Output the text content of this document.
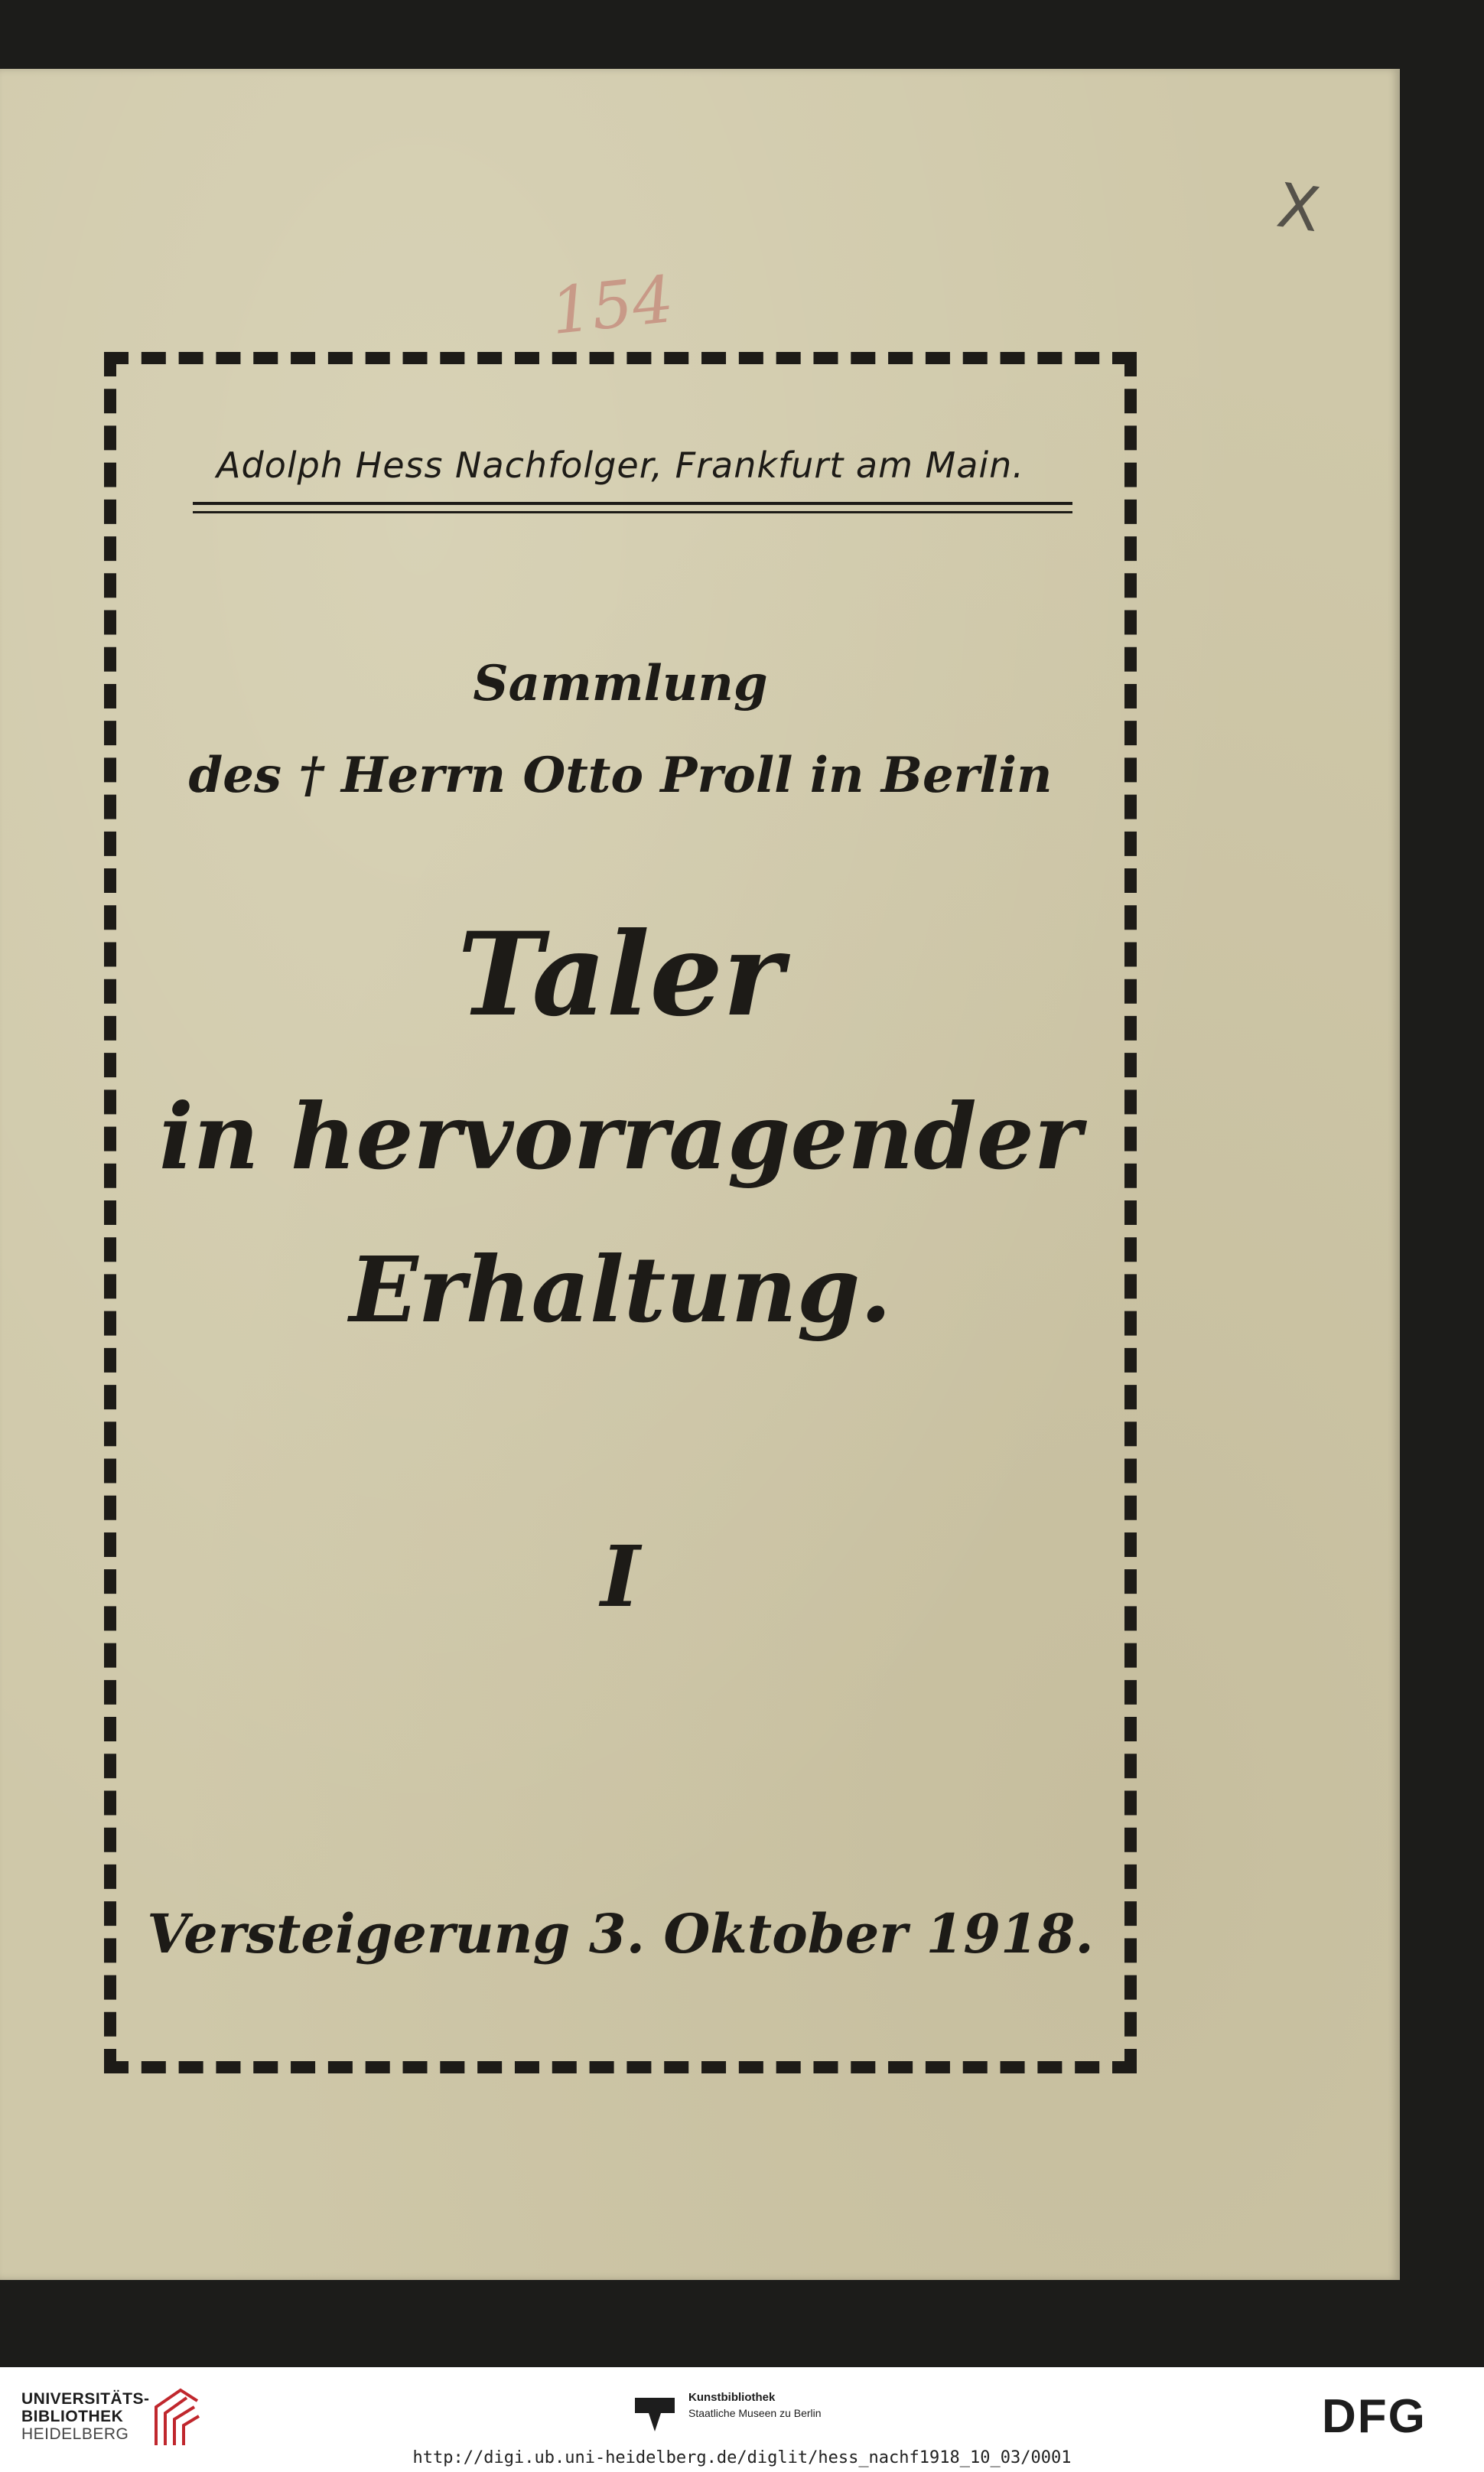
X
154
Adolph Hess Nachfolger, Frankfurt am Main.
Sammlung
des † Herrn Otto Proll in Berlin
Taler
in hervorragender
Erhaltung.
I
Versteigerung 3. Oktober 1918.
UNIVERSITÄTS-
BIBLIOTHEK
HEIDELBERG
Kunstbibliothek
Staatliche Museen zu Berlin	DFG
http://digi.ub.uni-heidelberg.de/diglit/hess_nachf1918_10_03/0001
